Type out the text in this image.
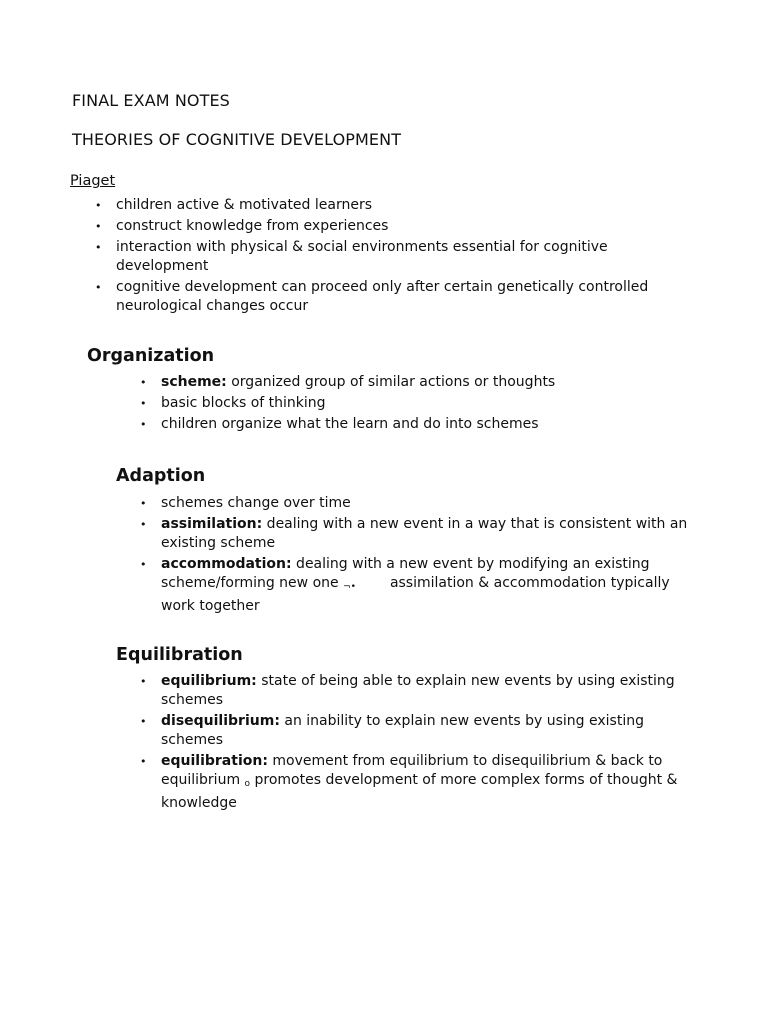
FINAL EXAM NOTES
THEORIES OF COGNITIVE DEVELOPMENT
Piaget
• children active & motivated learners
• construct knowledge from experiences
• interaction with physical & social environments essential for cognitive development
• cognitive development can proceed only after certain genetically controlled neurological changes occur
Organization
• scheme: organized group of similar actions or thoughts
• basic blocks of thinking
• children organize what the learn and do into schemes
Adaption
• schemes change over time
• assimilation: dealing with a new event in a way that is consistent with an existing scheme
• accommodation: dealing with a new event by modifying an existing scheme/forming new one ¬• assimilation & accommodation typically work together
Equilibration
• equilibrium: state of being able to explain new events by using existing schemes
• disequilibrium: an inability to explain new events by using existing schemes
• equilibration: movement from equilibrium to disequilibrium & back to equilibrium o promotes development of more complex forms of thought & knowledge
